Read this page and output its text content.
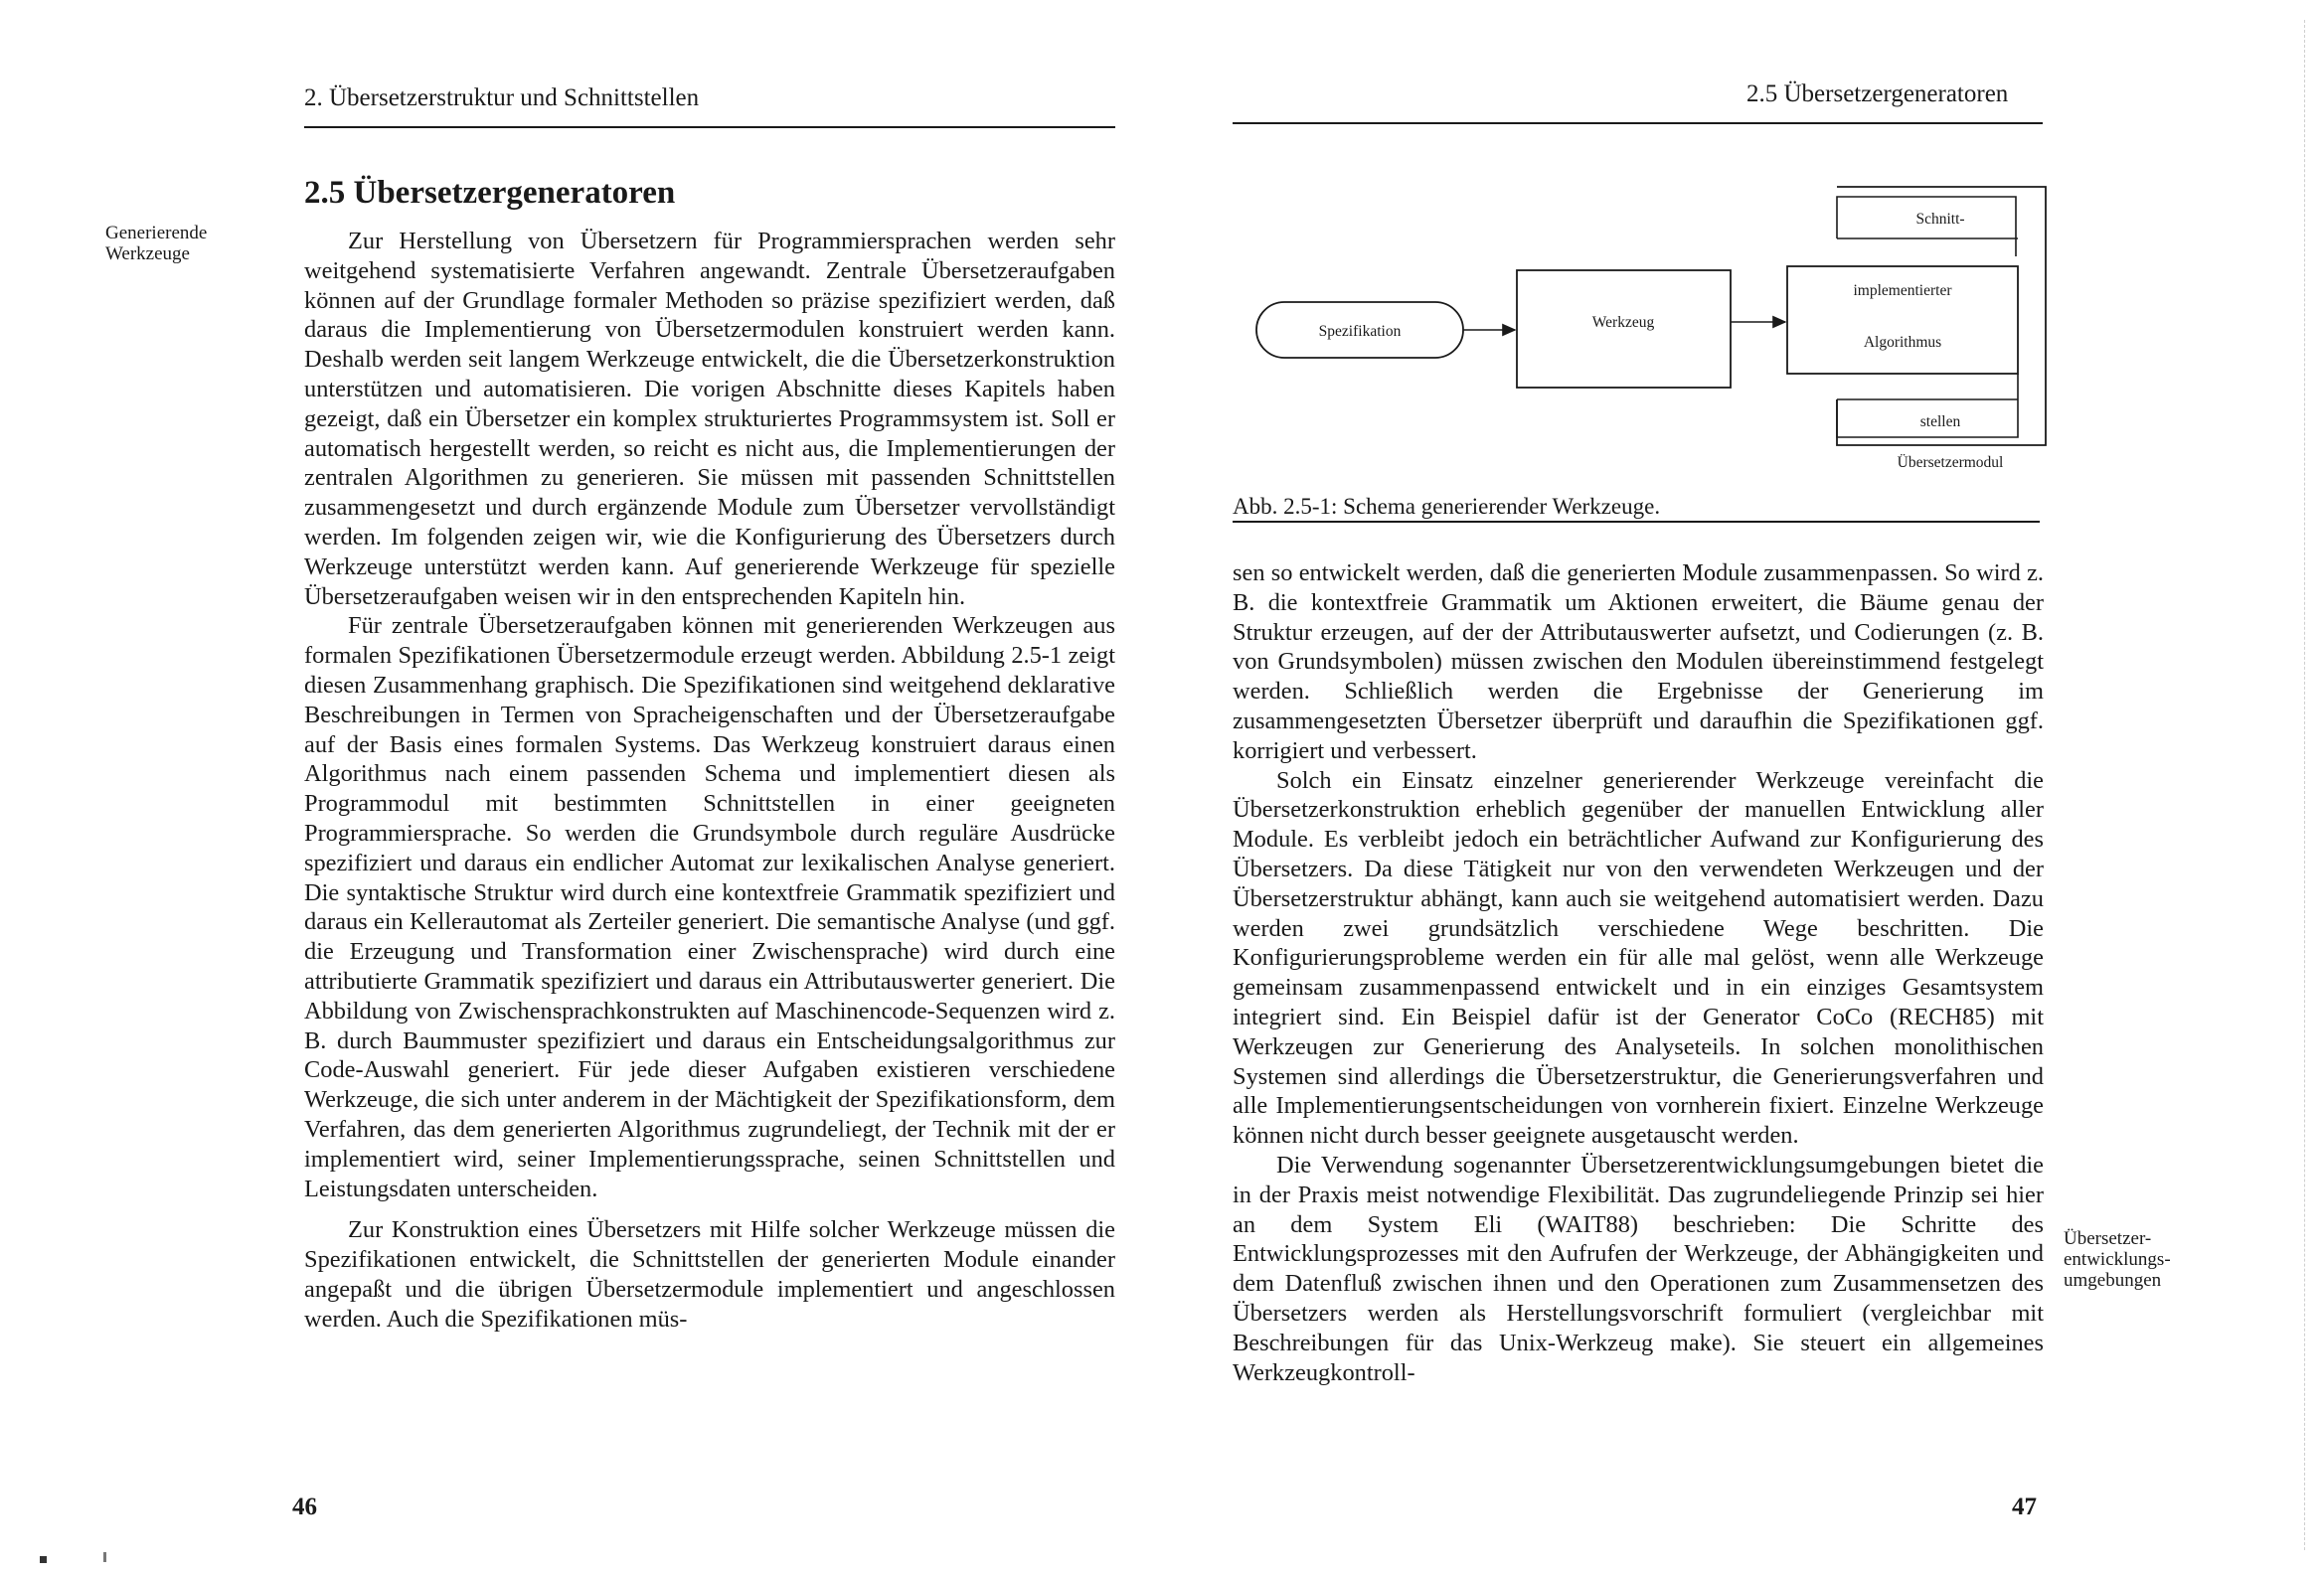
2. Übersetzerstruktur und Schnittstellen
2.5 Übersetzergeneratoren
Generierende
Werkzeuge	Zur Herstellung von Übersetzern für Programmiersprachen werden sehr weitgehend systematisierte Verfahren angewandt. Zentrale Übersetzeraufgaben können auf der Grundlage formaler Methoden so präzise spezifiziert werden, daß daraus die Implementierung von Übersetzermodulen konstruiert werden kann. Deshalb werden seit langem Werkzeuge entwickelt, die die Übersetzerkonstruktion unterstützen und automatisieren. Die vorigen Abschnitte dieses Kapitels haben gezeigt, daß ein Übersetzer ein komplex strukturiertes Programmsystem ist. Soll er automatisch hergestellt werden, so reicht es nicht aus, die Implementierungen der zentralen Algorithmen zu generieren. Sie müssen mit passenden Schnittstellen zusammengesetzt und durch ergänzende Module zum Übersetzer vervollständigt werden. Im folgenden zeigen wir, wie die Konfigurierung des Übersetzers durch Werkzeuge unterstützt werden kann. Auf generierende Werkzeuge für spezielle Übersetzeraufgaben weisen wir in den entsprechenden Kapiteln hin.

Für zentrale Übersetzeraufgaben können mit generierenden Werkzeugen aus formalen Spezifikationen Übersetzermodule erzeugt werden. Abbildung 2.5-1 zeigt diesen Zusammenhang graphisch. Die Spezifikationen sind weitgehend deklarative Beschreibungen in Termen von Spracheigenschaften und der Übersetzeraufgabe auf der Basis eines formalen Systems. Das Werkzeug konstruiert daraus einen Algorithmus nach einem passenden Schema und implementiert diesen als Programmodul mit bestimmten Schnittstellen in einer geeigneten Programmiersprache. So werden die Grundsymbole durch reguläre Ausdrücke spezifiziert und daraus ein endlicher Automat zur lexikalischen Analyse generiert. Die syntaktische Struktur wird durch eine kontextfreie Grammatik spezifiziert und daraus ein Kellerautomat als Zerteiler generiert. Die semantische Analyse (und ggf. die Erzeugung und Transformation einer Zwischensprache) wird durch eine attributierte Grammatik spezifiziert und daraus ein Attributauswerter generiert. Die Abbildung von Zwischensprachkonstrukten auf Maschinencode-Sequenzen wird z. B. durch Baummuster spezifiziert und daraus ein Entscheidungsalgorithmus zur Code-Auswahl generiert. Für jede dieser Aufgaben existieren verschiedene Werkzeuge, die sich unter anderem in der Mächtigkeit der Spezifikationsform, dem Verfahren, das dem generierten Algorithmus zugrundeliegt, der Technik mit der er implementiert wird, seiner Implementierungssprache, seinen Schnittstellen und Leistungsdaten unterscheiden.

Zur Konstruktion eines Übersetzers mit Hilfe solcher Werkzeuge müssen die Spezifikationen entwickelt, die Schnittstellen der generierten Module einander angepaßt und die übrigen Übersetzermodule implementiert und angeschlossen werden. Auch die Spezifikationen müs-

46
2.5 Übersetzergeneratoren
Spezifikation
Werkzeug
Schnitt-
stellen
implementierter
Algorithmus
Übersetzermodul
Abb. 2.5-1: Schema generierender Werkzeuge.

sen so entwickelt werden, daß die generierten Module zusammenpassen. So wird z. B. die kontextfreie Grammatik um Aktionen erweitert, die Bäume genau der Struktur erzeugen, auf der der Attributauswerter aufsetzt, und Codierungen (z. B. von Grundsymbolen) müssen zwischen den Modulen übereinstimmend festgelegt werden. Schließlich werden die Ergebnisse der Generierung im zusammengesetzten Übersetzer überprüft und daraufhin die Spezifikationen ggf. korrigiert und verbessert.

Solch ein Einsatz einzelner generierender Werkzeuge vereinfacht die Übersetzerkonstruktion erheblich gegenüber der manuellen Entwicklung aller Module. Es verbleibt jedoch ein beträchtlicher Aufwand zur Konfigurierung des Übersetzers. Da diese Tätigkeit nur von den verwendeten Werkzeugen und der Übersetzerstruktur abhängt, kann auch sie weitgehend automatisiert werden. Dazu werden zwei grundsätzlich verschiedene Wege beschritten. Die Konfigurierungsprobleme werden ein für alle mal gelöst, wenn alle Werkzeuge gemeinsam zusammenpassend entwickelt und in ein einziges Gesamtsystem integriert sind. Ein Beispiel dafür ist der Generator CoCo (RECH85) mit Werkzeugen zur Generierung des Analyseteils. In solchen monolithischen Systemen sind allerdings die Übersetzerstruktur, die Generierungsverfahren und alle Implementierungsentscheidungen von vornherein fixiert. Einzelne Werkzeuge können nicht durch besser geeignete ausgetauscht werden.

Die Verwendung sogenannter Übersetzerentwicklungsumgebungen bietet die in der Praxis meist notwendige Flexibilität. Das zugrundeliegende Prinzip sei hier an dem System Eli (WAIT88) beschrieben: Die Schritte des Entwicklungsprozesses mit den Aufrufen der Werkzeuge, der Abhängigkeiten und dem Datenfluß zwischen ihnen und den Operationen zum Zusammensetzen des Übersetzers werden als Herstellungsvorschrift formuliert (vergleichbar mit Beschreibungen für das Unix-Werkzeug make). Sie steuert ein allgemeines Werkzeugkontroll-

Übersetzer-
entwicklungs-
umgebungen
47
